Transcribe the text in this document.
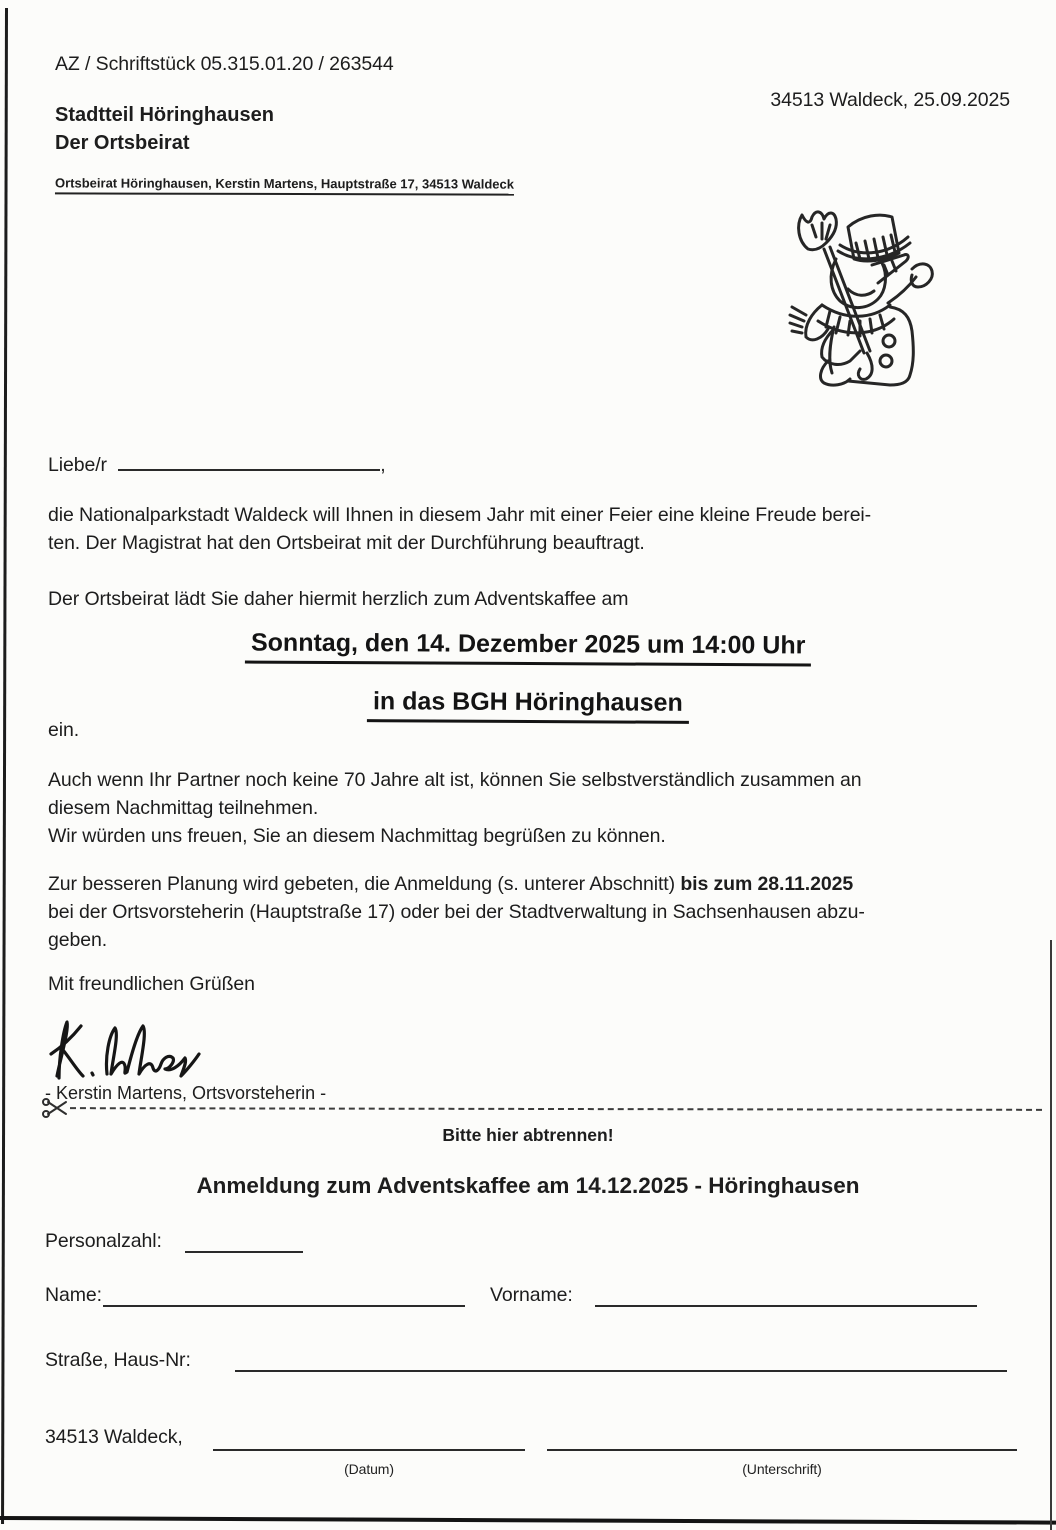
AZ / Schriftstück 05.315.01.20 / 263544
34513 Waldeck, 25.09.2025
Stadtteil Höringhausen
Der Ortsbeirat
Ortsbeirat Höringhausen, Kerstin Martens, Hauptstraße 17, 34513 Waldeck
Liebe/r	,
die Nationalparkstadt Waldeck will Ihnen in diesem Jahr mit einer Feier eine kleine Freude berei-
ten. Der Magistrat hat den Ortsbeirat mit der Durchführung beauftragt.
Der Ortsbeirat lädt Sie daher hiermit herzlich zum Adventskaffee am
Sonntag, den 14. Dezember 2025 um 14:00 Uhr
in das BGH Höringhausen
ein.
Auch wenn Ihr Partner noch keine 70 Jahre alt ist, können Sie selbstverständlich zusammen an
diesem Nachmittag teilnehmen.
Wir würden uns freuen, Sie an diesem Nachmittag begrüßen zu können.
Zur besseren Planung wird gebeten, die Anmeldung (s. unterer Abschnitt) bis zum 28.11.2025
bei der Ortsvorsteherin (Hauptstraße 17) oder bei der Stadtverwaltung in Sachsenhausen abzu-
geben.
Mit freundlichen Grüßen
- Kerstin Martens, Ortsvorsteherin -
Bitte hier abtrennen!
Anmeldung zum Adventskaffee am 14.12.2025 - Höringhausen
Personalzahl:
Name:	Vorname:
Straße, Haus-Nr:
34513 Waldeck,
(Datum)	(Unterschrift)
